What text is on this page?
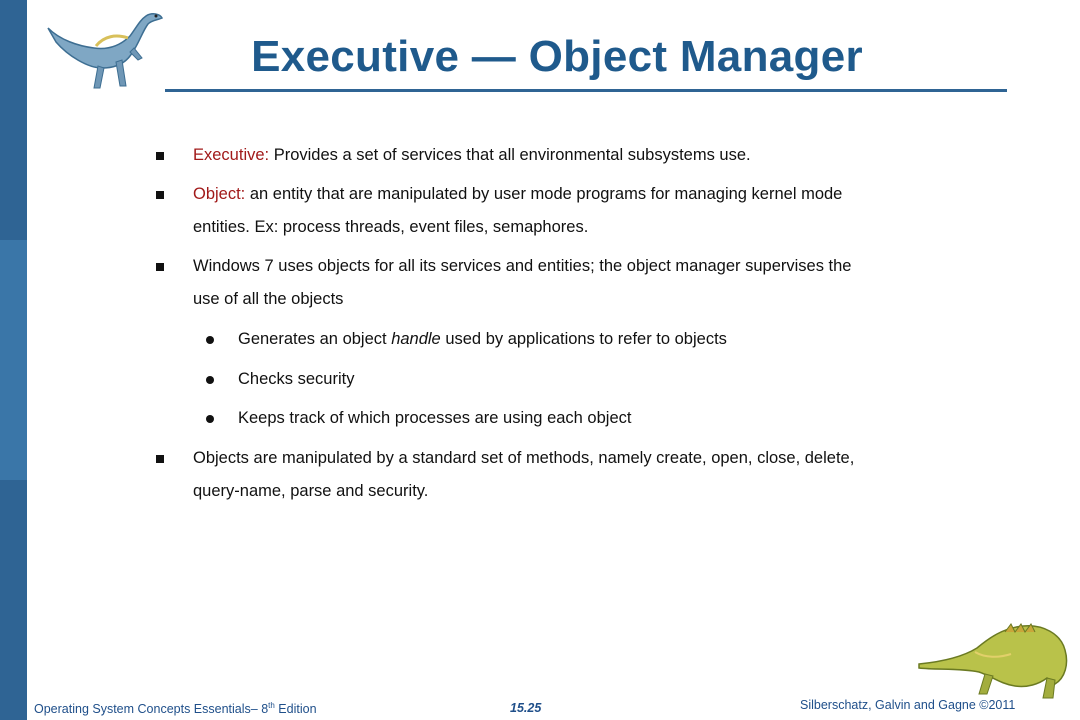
Executive — Object Manager
Executive: Provides a set of services that all environmental subsystems use.
Object: an entity that are manipulated by user mode programs for managing kernel mode
entities. Ex: process threads, event files, semaphores.
Windows 7 uses objects for all its services and entities; the object manager supervises the
use of all the objects
Generates an object handle used by applications to refer to objects
Checks security
Keeps track of which processes are using each object
Objects are manipulated by a standard set of methods, namely create, open, close, delete,
query-name, parse and security.
Operating System Concepts Essentials– 8th Edition	15.25	Silberschatz, Galvin and Gagne ©2011
